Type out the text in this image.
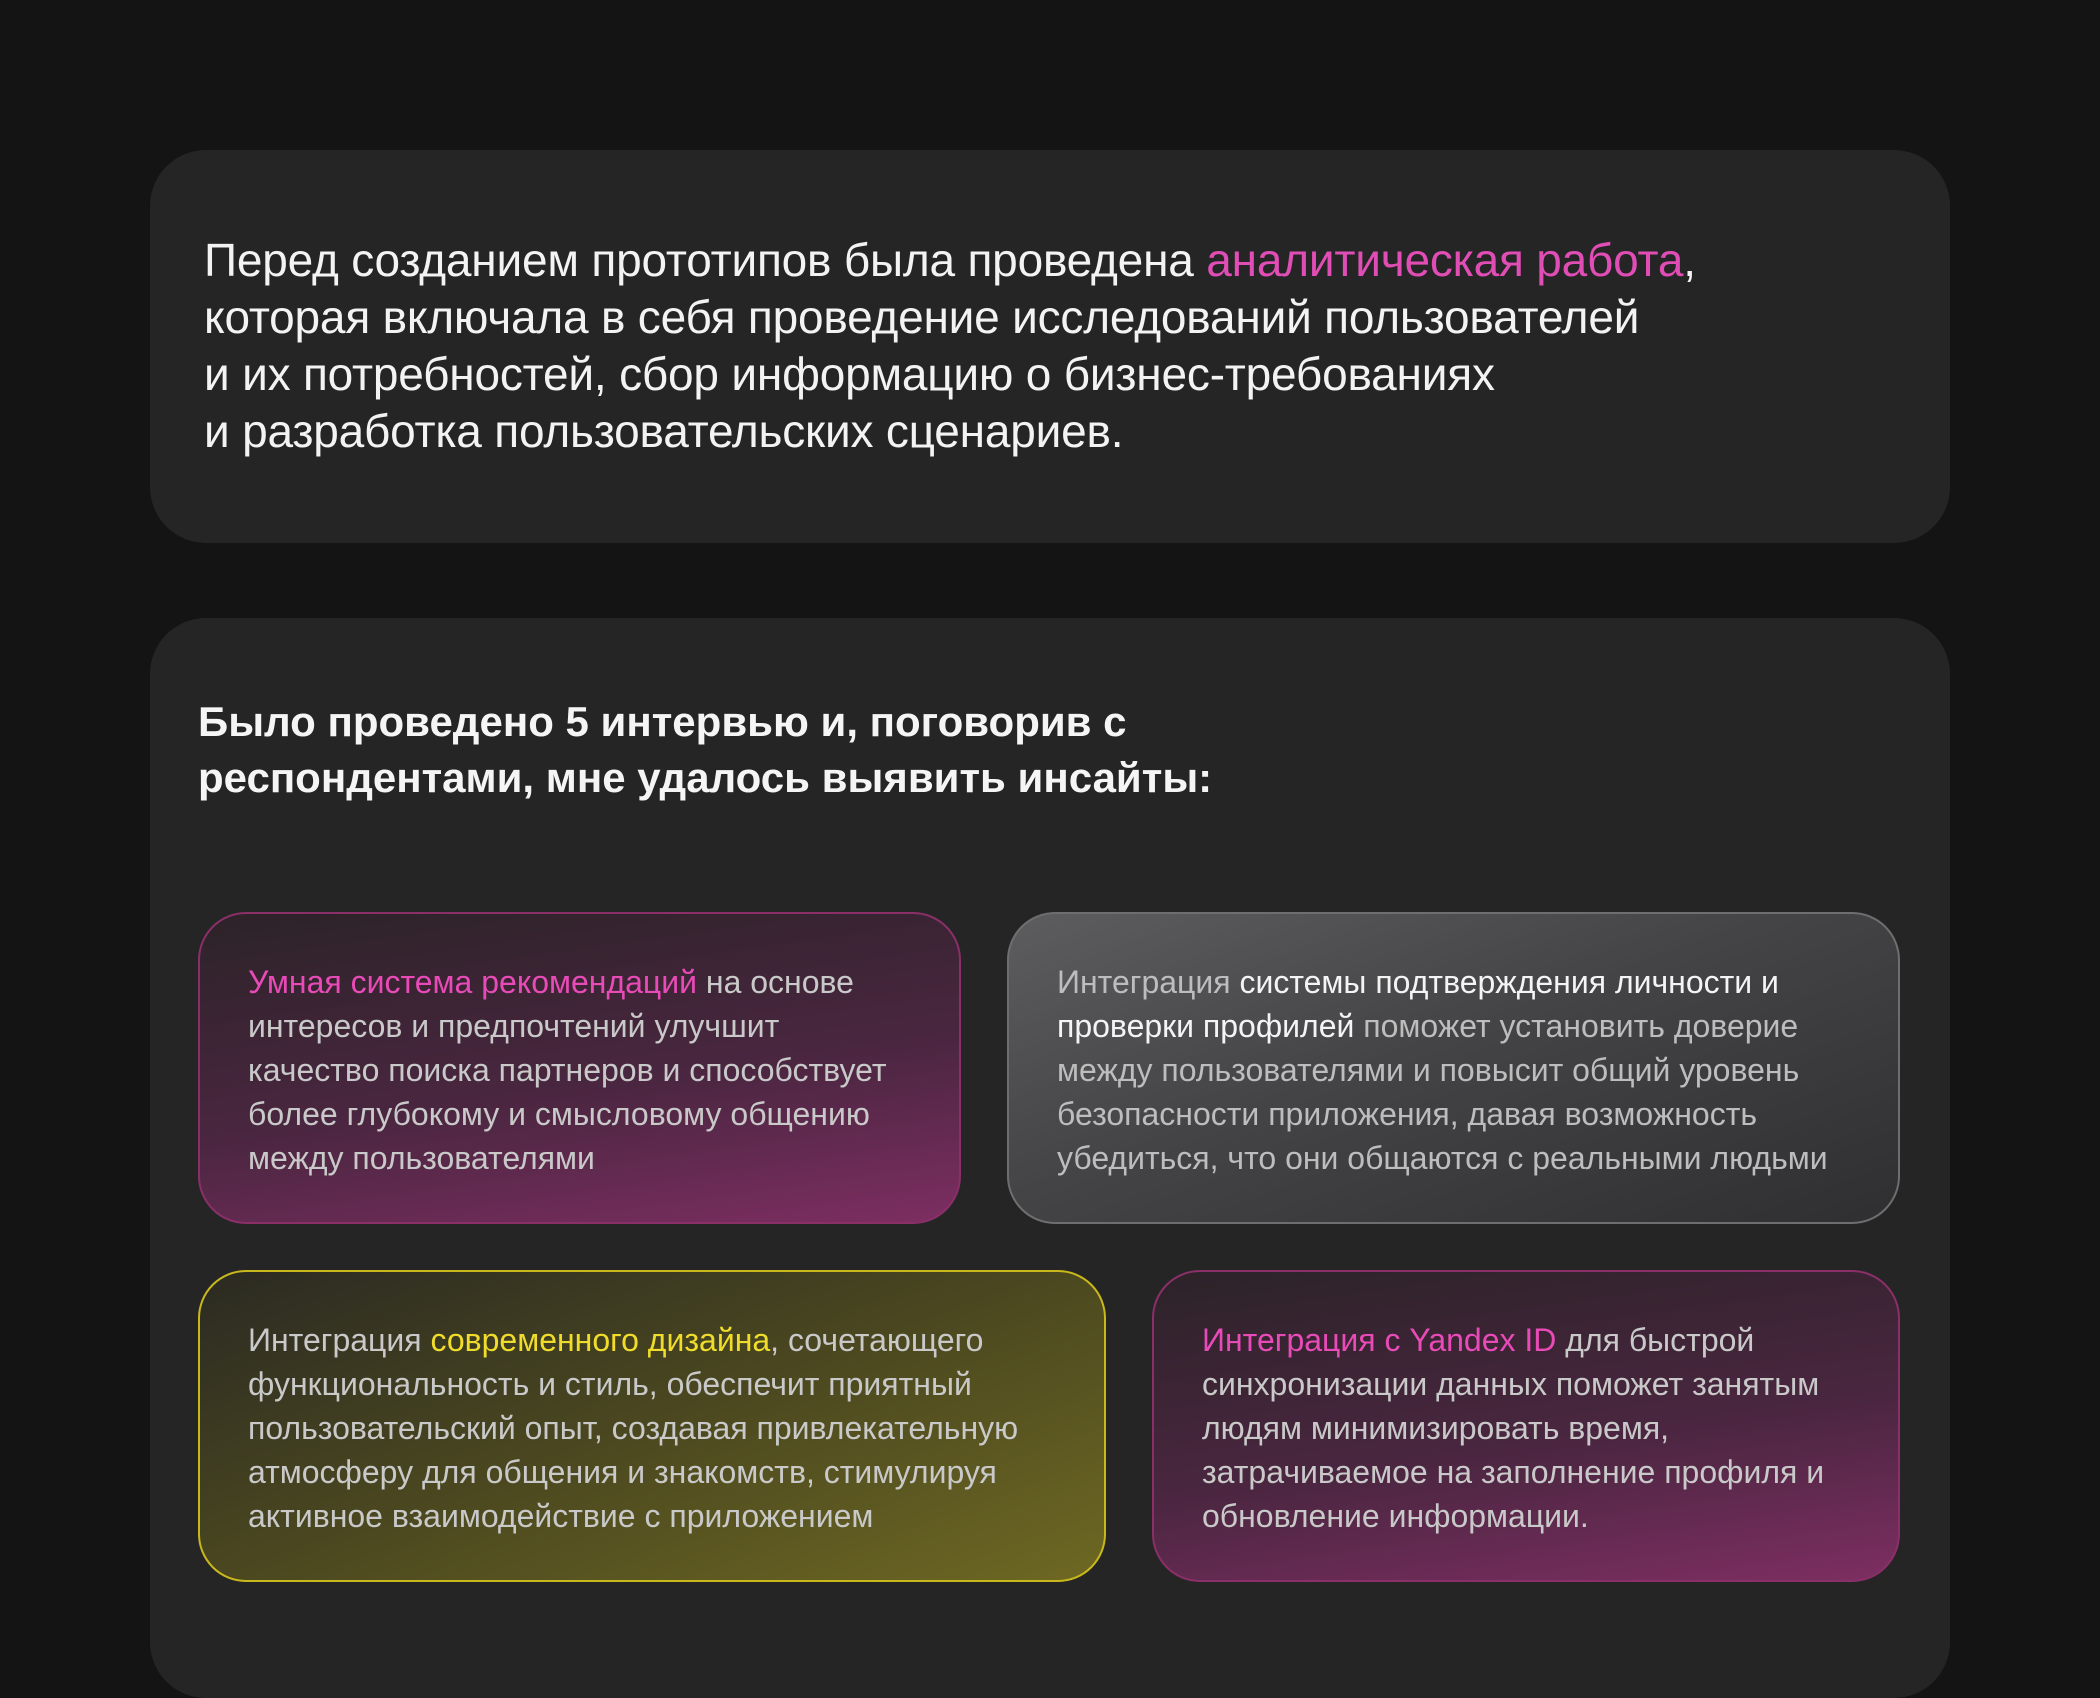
Перед созданием прототипов была проведена аналитическая работа,
которая включала в себя проведение исследований пользователей
и их потребностей, сбор информацию о бизнес-требованиях
и разработка пользовательских сценариев.

Было проведено 5 интервью и, поговорив с
респондентами, мне удалось выявить инсайты:

Умная система рекомендаций на основе интересов и предпочтений улучшит качество поиска партнеров и способствует более глубокому и смысловому общению между пользователями

Интеграция системы подтверждения личности и проверки профилей поможет установить доверие между пользователями и повысит общий уровень безопасности приложения, давая возможность убедиться, что они общаются с реальными людьми

Интеграция современного дизайна, сочетающего функциональность и стиль, обеспечит приятный пользовательский опыт, создавая привлекательную атмосферу для общения и знакомств, стимулируя активное взаимодействие с приложением

Интеграция с Yandex ID для быстрой синхронизации данных поможет занятым людям минимизировать время, затрачиваемое на заполнение профиля и обновление информации.
